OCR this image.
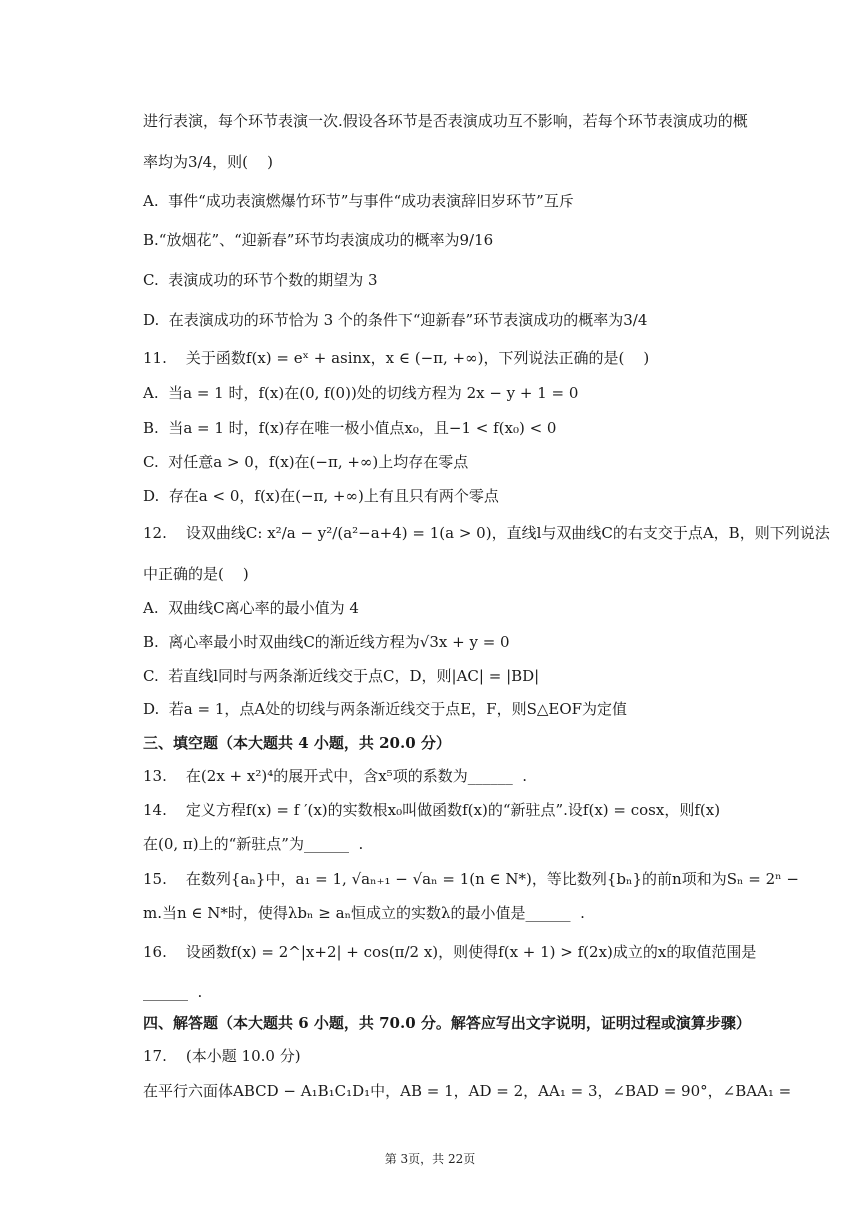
进行表演，每个环节表演一次.假设各环节是否表演成功互不影响，若每个环节表演成功的概
率均为3/4，则(    )
A.  事件“成功表演燃爆竹环节”与事件“成功表演辞旧岁环节”互斥
B.“放烟花”、“迎新春”环节均表演成功的概率为9/16
C.  表演成功的环节个数的期望为 3
D.  在表演成功的环节恰为 3 个的条件下“迎新春”环节表演成功的概率为3/4
11.    关于函数f(x) = eˣ + asinx，x ∈ (−π, +∞)，下列说法正确的是(    )
A.  当a = 1 时，f(x)在(0, f(0))处的切线方程为 2x − y + 1 = 0
B.  当a = 1 时，f(x)存在唯一极小值点x₀，且−1 < f(x₀) < 0
C.  对任意a > 0，f(x)在(−π, +∞)上均存在零点
D.  存在a < 0，f(x)在(−π, +∞)上有且只有两个零点
12.    设双曲线C: x²/a − y²/(a²−a+4) = 1(a > 0)，直线l与双曲线C的右支交于点A，B，则下列说法
中正确的是(    )
A.  双曲线C离心率的最小值为 4
B.  离心率最小时双曲线C的渐近线方程为√3x + y = 0
C.  若直线l同时与两条渐近线交于点C，D，则|AC| = |BD|
D.  若a = 1，点A处的切线与两条渐近线交于点E，F，则S△EOF为定值
三、填空题（本大题共 4 小题，共 20.0 分）
13.    在(2x + x²)⁴的展开式中，含x⁵项的系数为______  .
14.    定义方程f(x) = f ′(x)的实数根x₀叫做函数f(x)的“新驻点”.设f(x) = cosx，则f(x)
在(0, π)上的“新驻点”为______  .
15.    在数列{aₙ}中，a₁ = 1, √aₙ₊₁ − √aₙ = 1(n ∈ N*)，等比数列{bₙ}的前n项和为Sₙ = 2ⁿ −
m.当n ∈ N*时，使得λbₙ ≥ aₙ恒成立的实数λ的最小值是______  .
16.    设函数f(x) = 2^|x+2| + cos(π/2 x)，则使得f(x + 1) > f(2x)成立的x的取值范围是
______  .
四、解答题（本大题共 6 小题，共 70.0 分。解答应写出文字说明，证明过程或演算步骤）
17.    (本小题 10.0 分)
在平行六面体ABCD − A₁B₁C₁D₁中，AB = 1，AD = 2，AA₁ = 3，∠BAD = 90°，∠BAA₁ =
第 3页，共 22页
